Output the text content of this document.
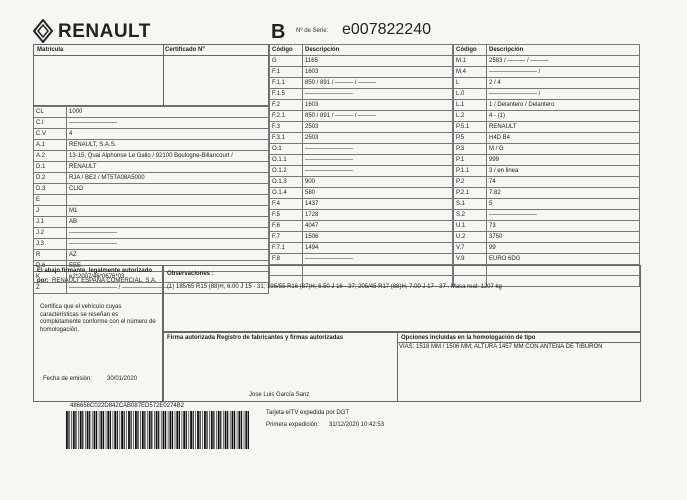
RENAULT	B Nº de Serie: e007822240
Matrícula	Certificado Nº
CL	1000
C.I	————————
C.V	4
A.1	RENAULT, S.A.S.
A.2	13-15, Quai Alphonse Le Gallo / 92100 Boulogne-Billancourt /
D.1	RENAULT
D.2	RJA / BE2 / MT5TA08A5000
D.3	CLIO
E	
J	M1
J.1	AB
J.2	————————
J.3	————————
R	AZ
D.6	EEE
K	e2*2007/46*0676*03
Z	———————— / ————————
Código	Descripción
G	1165
F.1	1603
F.1.1	850 / 891 / ——— / ———
F.1.5	————————
F.2	1603
F.2.1	850 / 891 / ——— / ———
F.3	2503
F.3.1	2503
O.1	————————
O.1.1	————————
O.1.2	————————
O.1.3	900
O.1.4	580
F.4	1437
F.5	1728
F.6	4047
F.7	1506
F.7.1	1494
F.8	————————

Código	Descripción
M.1	2583 / ——— / ———
M.4	———————— /
L	2 / 4
L.0	———————— /
L.1	1 / Delantero / Delantero
L.2	4 - (1)
P.5.1	RENAULT
P.5	H4D B4
P.3	M / G
P.1	999
P.1.1	3 / en linea
P.2	74
P.2.1	7.82
S.1	5
S.2	————————
U.1	73
U.2	3750
V.7	99
V.9	EURO 6DG

El abajo firmante, legalmente autorizado
por: RENAULT ESPAÑA COMERCIAL, S.A.
Certifica que el vehículo cuyas características se reseñan es completamente conforme con el número de homologación.
Fecha de emisión: 30/01/2020
Observaciones :
(1) 185/65 R15 (88)H, 6.00 J 15 - 31; 195/55 R16 (87)H, 6.50 J 16 - 37; 205/45 R17 (88)H, 7.00 J 17 - 37 . Masa real: 1207 kg
Firma autorizada Registro de fabricantes y firmas autorizadas	Opciones incluidas en la homologación de tipo
VIAS: 1518 MM / 1506 MM; ALTURA 1457 MM CON ANTENA DE TIBURON
Jose Luis García Sanz
486656C022D842CAB087ED572E0274B2
Tarjeta eITV expedida por DGT
Primera expedición: 31/12/2020 10:42:53
